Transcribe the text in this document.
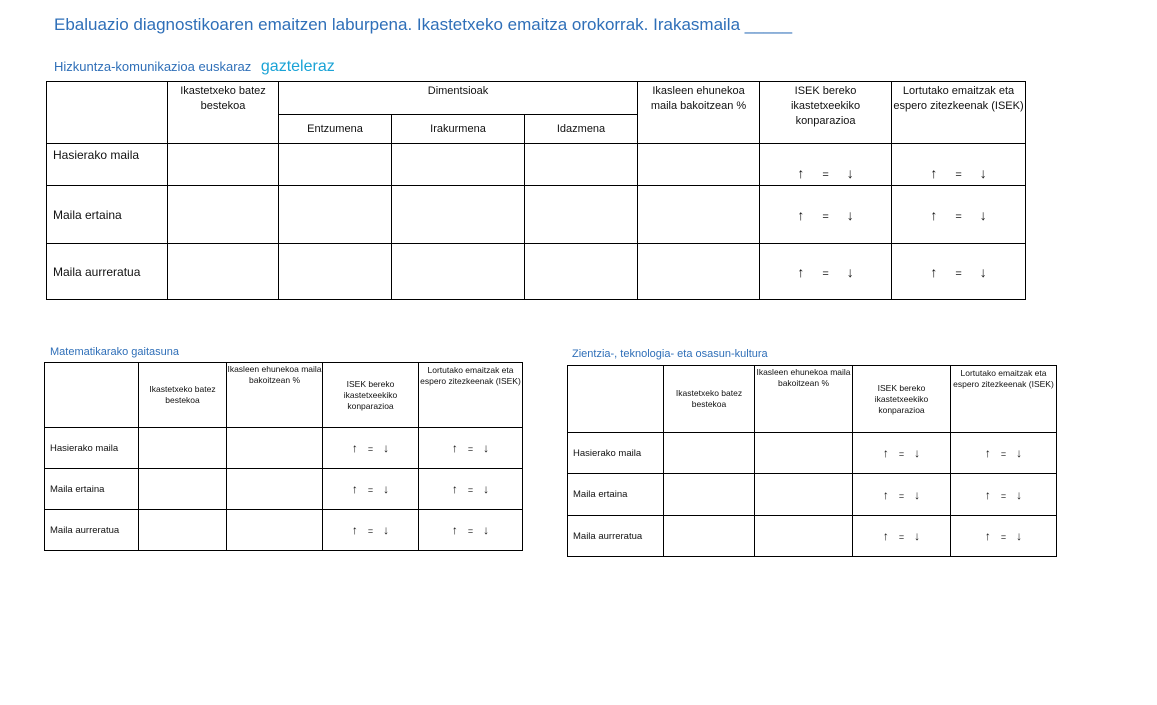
Ebaluazio diagnostikoaren emaitzen laburpena. Ikastetxeko emaitza orokorrak. Irakasmaila _____
Hizkuntza-komunikazioa euskaraz gazteleraz
	Ikastetxeko batez bestekoa	Dimentsioak			Ikasleen ehunekoa maila bakoitzean %	ISEK bereko ikastetxeekiko konparazioa	Lortutako emaitzak eta espero zitezkeenak (ISEK)
		Entzumena	Irakurmena	Idazmena			
Hasierako maila						↑ = ↓	↑ = ↓
Maila ertaina						↑ = ↓	↑ = ↓
Maila aurreratua						↑ = ↓	↑ = ↓
Matematikarako gaitasuna
	Ikastetxeko batez bestekoa	Ikasleen ehunekoa maila bakoitzean %	ISEK bereko ikastetxeekiko konparazioa	Lortutako emaitzak eta espero zitezkeenak (ISEK)
Hasierako maila			↑ = ↓	↑ = ↓
Maila ertaina			↑ = ↓	↑ = ↓
Maila aurreratua			↑ = ↓	↑ = ↓
Zientzia-, teknologia- eta osasun-kultura
	Ikastetxeko batez bestekoa	Ikasleen ehunekoa maila bakoitzean %	ISEK bereko ikastetxeekiko konparazioa	Lortutako emaitzak eta espero zitezkeenak (ISEK)
Hasierako maila			↑ = ↓	↑ = ↓
Maila ertaina			↑ = ↓	↑ = ↓
Maila aurreratua			↑ = ↓	↑ = ↓
